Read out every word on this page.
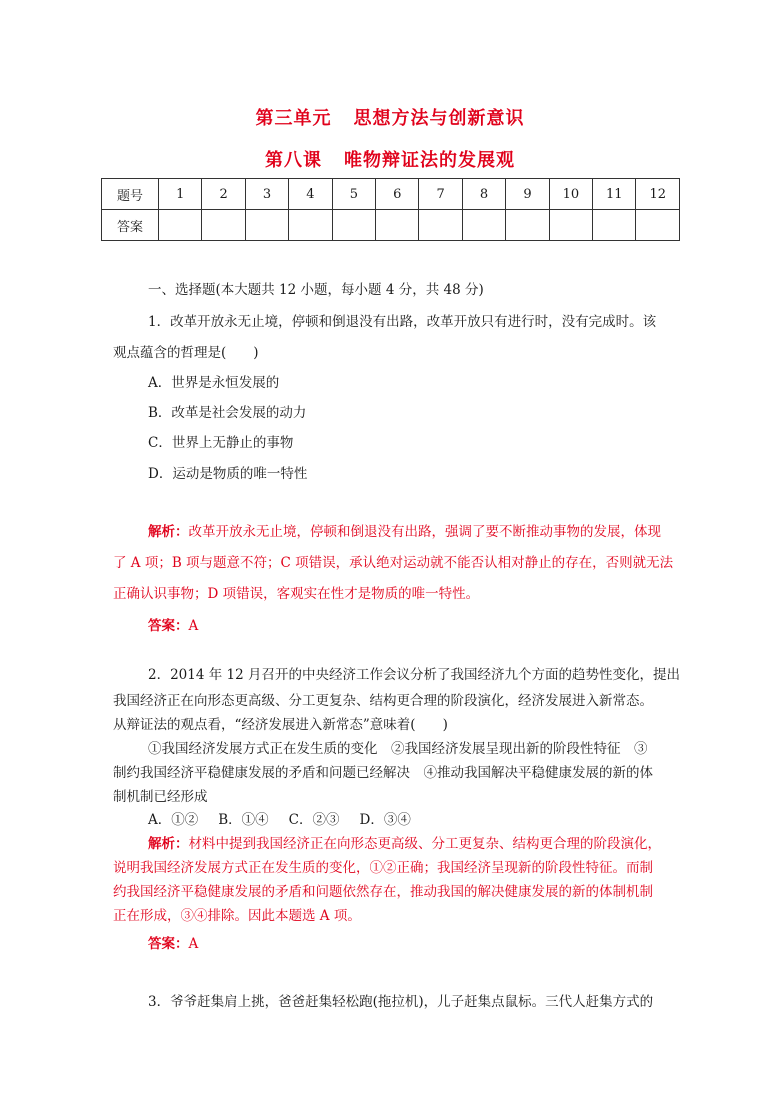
第三单元 思想方法与创新意识
第八课 唯物辩证法的发展观
题号	1	2	3	4	5	6	7	8	9	10	11	12
答案												
一、选择题(本大题共 12 小题，每小题 4 分，共 48 分)
1．改革开放永无止境，停顿和倒退没有出路，改革开放只有进行时，没有完成时。该
观点蕴含的哲理是(　　)
A．世界是永恒发展的
B．改革是社会发展的动力
C．世界上无静止的事物
D．运动是物质的唯一特性
解析：改革开放永无止境，停顿和倒退没有出路，强调了要不断推动事物的发展，体现
了 A 项；B 项与题意不符；C 项错误，承认绝对运动就不能否认相对静止的存在，否则就无法
正确认识事物；D 项错误，客观实在性才是物质的唯一特性。
答案：A
2．2014 年 12 月召开的中央经济工作会议分析了我国经济九个方面的趋势性变化，提出
我国经济正在向形态更高级、分工更复杂、结构更合理的阶段演化，经济发展进入新常态。
从辩证法的观点看，“经济发展进入新常态”意味着(　　)
①我国经济发展方式正在发生质的变化　②我国经济发展呈现出新的阶段性特征　③
制约我国经济平稳健康发展的矛盾和问题已经解决　④推动我国解决平稳健康发展的新的体
制机制已经形成
A．①② B．①④ C．②③ D．③④
解析：材料中提到我国经济正在向形态更高级、分工更复杂、结构更合理的阶段演化，
说明我国经济发展方式正在发生质的变化，①②正确；我国经济呈现新的阶段性特征。而制
约我国经济平稳健康发展的矛盾和问题依然存在，推动我国的解决健康发展的新的体制机制
正在形成，③④排除。因此本题选 A 项。
答案：A
3．爷爷赶集肩上挑，爸爸赶集轻松跑(拖拉机)，儿子赶集点鼠标。三代人赶集方式的
